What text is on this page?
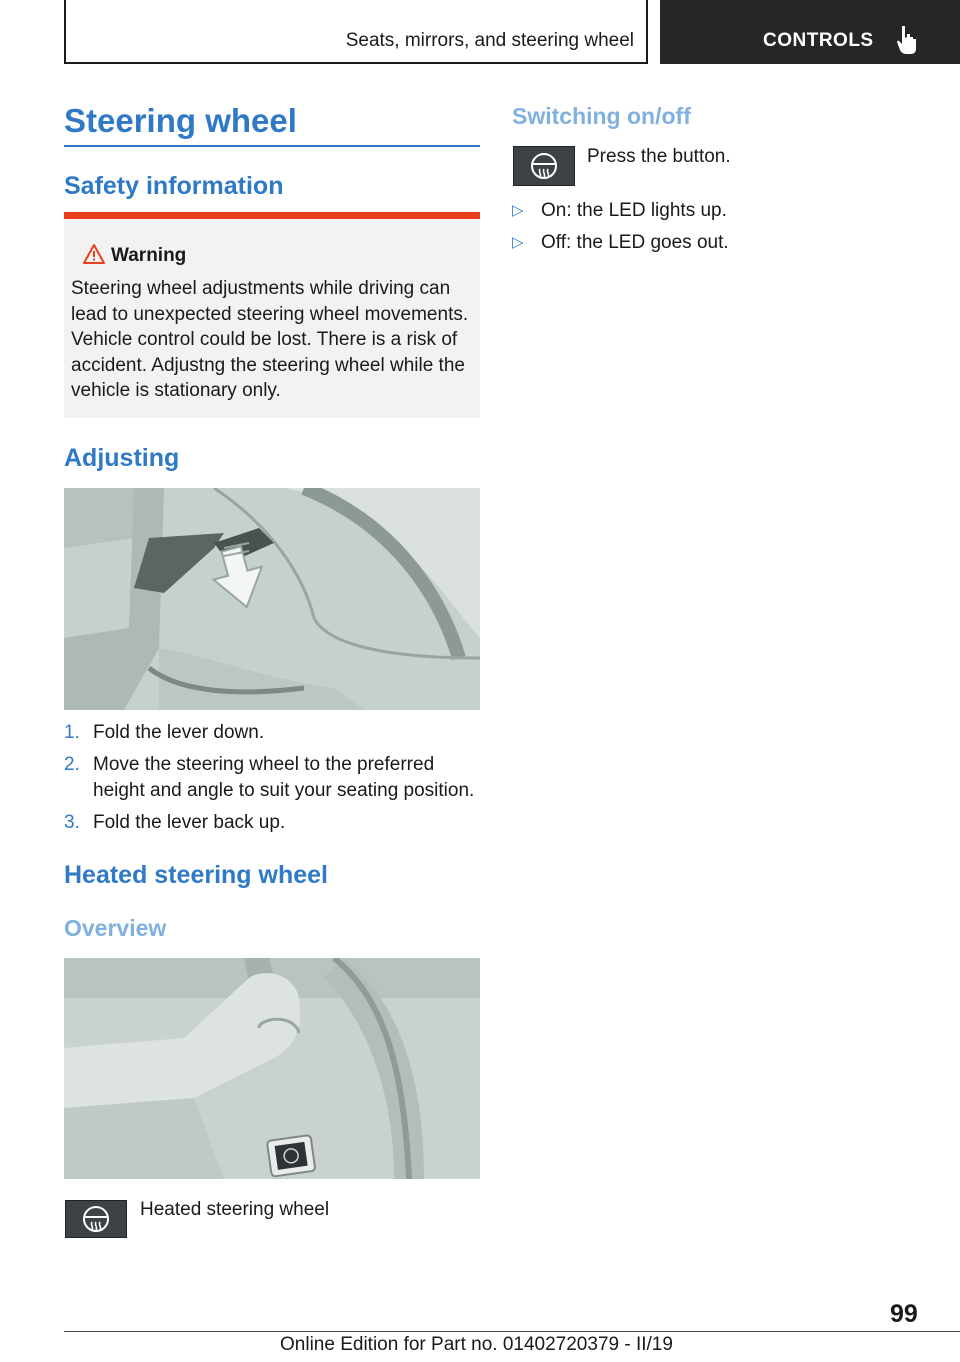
Seats, mirrors, and steering wheel	CONTROLS
Steering wheel
Safety information
Warning
Steering wheel adjustments while driving can lead to unexpected steering wheel movements. Vehicle control could be lost. There is a risk of accident. Adjustng the steering wheel while the vehicle is stationary only.
Adjusting
1. Fold the lever down.
2. Move the steering wheel to the preferred height and angle to suit your seating position.
3. Fold the lever back up.
Heated steering wheel
Overview
Heated steering wheel
Switching on/off
Press the button.
▷ On: the LED lights up.
▷ Off: the LED goes out.
99
Online Edition for Part no. 01402720379 - II/19
